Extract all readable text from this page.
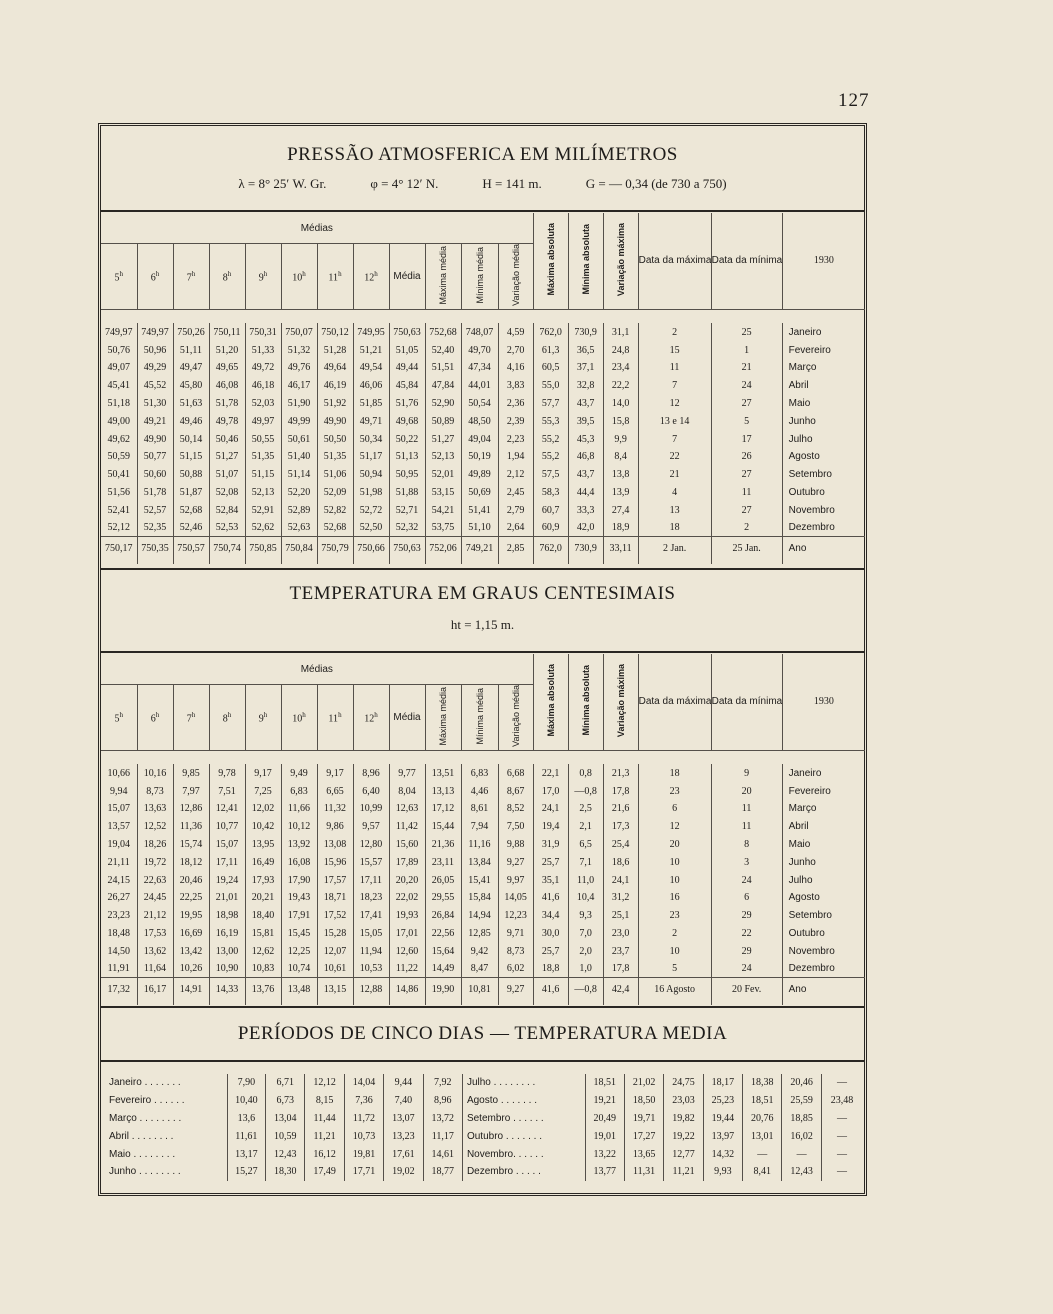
127
PRESSÃO ATMOSFERICA EM MILÍMETROS
λ = 8° 25′ W. Gr.	φ = 4° 12′ N.	H = 141 m.	G = — 0,34 (de 730 a 750)
Médias												Máxima absoluta	Mínima absoluta	Variação máxima	Data da máxima	Data da mínima	1930
5$^h$	6$^h$	7$^h$	8$^h$	9$^h$	10$^h$	11$^h$	12$^h$	Média	Máxima média	Mínima média	Variação média						

749,97	749,97	750,26	750,11	750,31	750,07	750,12	749,95	750,63	752,68	748,07	4,59	762,0	730,9	31,1	2	25	Janeiro
50,76	50,96	51,11	51,20	51,33	51,32	51,28	51,21	51,05	52,40	49,70	2,70	61,3	36,5	24,8	15	1	Fevereiro
49,07	49,29	49,47	49,65	49,72	49,76	49,64	49,54	49,44	51,51	47,34	4,16	60,5	37,1	23,4	11	21	Março
45,41	45,52	45,80	46,08	46,18	46,17	46,19	46,06	45,84	47,84	44,01	3,83	55,0	32,8	22,2	7	24	Abril
51,18	51,30	51,63	51,78	52,03	51,90	51,92	51,85	51,76	52,90	50,54	2,36	57,7	43,7	14,0	12	27	Maio
49,00	49,21	49,46	49,78	49,97	49,99	49,90	49,71	49,68	50,89	48,50	2,39	55,3	39,5	15,8	13 e 14	5	Junho
49,62	49,90	50,14	50,46	50,55	50,61	50,50	50,34	50,22	51,27	49,04	2,23	55,2	45,3	9,9	7	17	Julho
50,59	50,77	51,15	51,27	51,35	51,40	51,35	51,17	51,13	52,13	50,19	1,94	55,2	46,8	8,4	22	26	Agosto
50,41	50,60	50,88	51,07	51,15	51,14	51,06	50,94	50,95	52,01	49,89	2,12	57,5	43,7	13,8	21	27	Setembro
51,56	51,78	51,87	52,08	52,13	52,20	52,09	51,98	51,88	53,15	50,69	2,45	58,3	44,4	13,9	4	11	Outubro
52,41	52,57	52,68	52,84	52,91	52,89	52,82	52,72	52,71	54,21	51,41	2,79	60,7	33,3	27,4	13	27	Novembro
52,12	52,35	52,46	52,53	52,62	52,63	52,68	52,50	52,32	53,75	51,10	2,64	60,9	42,0	18,9	18	2	Dezembro
750,17	750,35	750,57	750,74	750,85	750,84	750,79	750,66	750,63	752,06	749,21	2,85	762,0	730,9	33,11	2 Jan.	25 Jan.	Ano

TEMPERATURA EM GRAUS CENTESIMAIS
ht = 1,15 m.
Médias												Máxima absoluta	Mínima absoluta	Variação máxima	Data da máxima	Data da mínima	1930
5$^h$	6$^h$	7$^h$	8$^h$	9$^h$	10$^h$	11$^h$	12$^h$	Média	Máxima média	Mínima média	Variação média						

10,66	10,16	9,85	9,78	9,17	9,49	9,17	8,96	9,77	13,51	6,83	6,68	22,1	0,8	21,3	18	9	Janeiro
9,94	8,73	7,97	7,51	7,25	6,83	6,65	6,40	8,04	13,13	4,46	8,67	17,0	—0,8	17,8	23	20	Fevereiro
15,07	13,63	12,86	12,41	12,02	11,66	11,32	10,99	12,63	17,12	8,61	8,52	24,1	2,5	21,6	6	11	Março
13,57	12,52	11,36	10,77	10,42	10,12	9,86	9,57	11,42	15,44	7,94	7,50	19,4	2,1	17,3	12	11	Abril
19,04	18,26	15,74	15,07	13,95	13,92	13,08	12,80	15,60	21,36	11,16	9,88	31,9	6,5	25,4	20	8	Maio
21,11	19,72	18,12	17,11	16,49	16,08	15,96	15,57	17,89	23,11	13,84	9,27	25,7	7,1	18,6	10	3	Junho
24,15	22,63	20,46	19,24	17,93	17,90	17,57	17,11	20,20	26,05	15,41	9,97	35,1	11,0	24,1	10	24	Julho
26,27	24,45	22,25	21,01	20,21	19,43	18,71	18,23	22,02	29,55	15,84	14,05	41,6	10,4	31,2	16	6	Agosto
23,23	21,12	19,95	18,98	18,40	17,91	17,52	17,41	19,93	26,84	14,94	12,23	34,4	9,3	25,1	23	29	Setembro
18,48	17,53	16,69	16,19	15,81	15,45	15,28	15,05	17,01	22,56	12,85	9,71	30,0	7,0	23,0	2	22	Outubro
14,50	13,62	13,42	13,00	12,62	12,25	12,07	11,94	12,60	15,64	9,42	8,73	25,7	2,0	23,7	10	29	Novembro
11,91	11,64	10,26	10,90	10,83	10,74	10,61	10,53	11,22	14,49	8,47	6,02	18,8	1,0	17,8	5	24	Dezembro
17,32	16,17	14,91	14,33	13,76	13,48	13,15	12,88	14,86	19,90	10,81	9,27	41,6	—0,8	42,4	16 Agosto	20 Fev.	Ano

PERÍODOS DE CINCO DIAS — TEMPERATURA MEDIA
Janeiro . . . . . . .	7,90	6,71	12,12	14,04	9,44	7,92	Julho . . . . . . . .	18,51	21,02	24,75	18,17	18,38	20,46	—
Fevereiro . . . . . .	10,40	6,73	8,15	7,36	7,40	8,96	Agosto . . . . . . .	19,21	18,50	23,03	25,23	18,51	25,59	23,48
Março . . . . . . . .	13,6	13,04	11,44	11,72	13,07	13,72	Setembro . . . . . .	20,49	19,71	19,82	19,44	20,76	18,85	—
Abril . . . . . . . .	11,61	10,59	11,21	10,73	13,23	11,17	Outubro . . . . . . .	19,01	17,27	19,22	13,97	13,01	16,02	—
Maio . . . . . . . .	13,17	12,43	16,12	19,81	17,61	14,61	Novembro. . . . . .	13,22	13,65	12,77	14,32	—	—	—
Junho . . . . . . . .	15,27	18,30	17,49	17,71	19,02	18,77	Dezembro . . . . .	13,77	11,31	11,21	9,93	8,41	12,43	—
